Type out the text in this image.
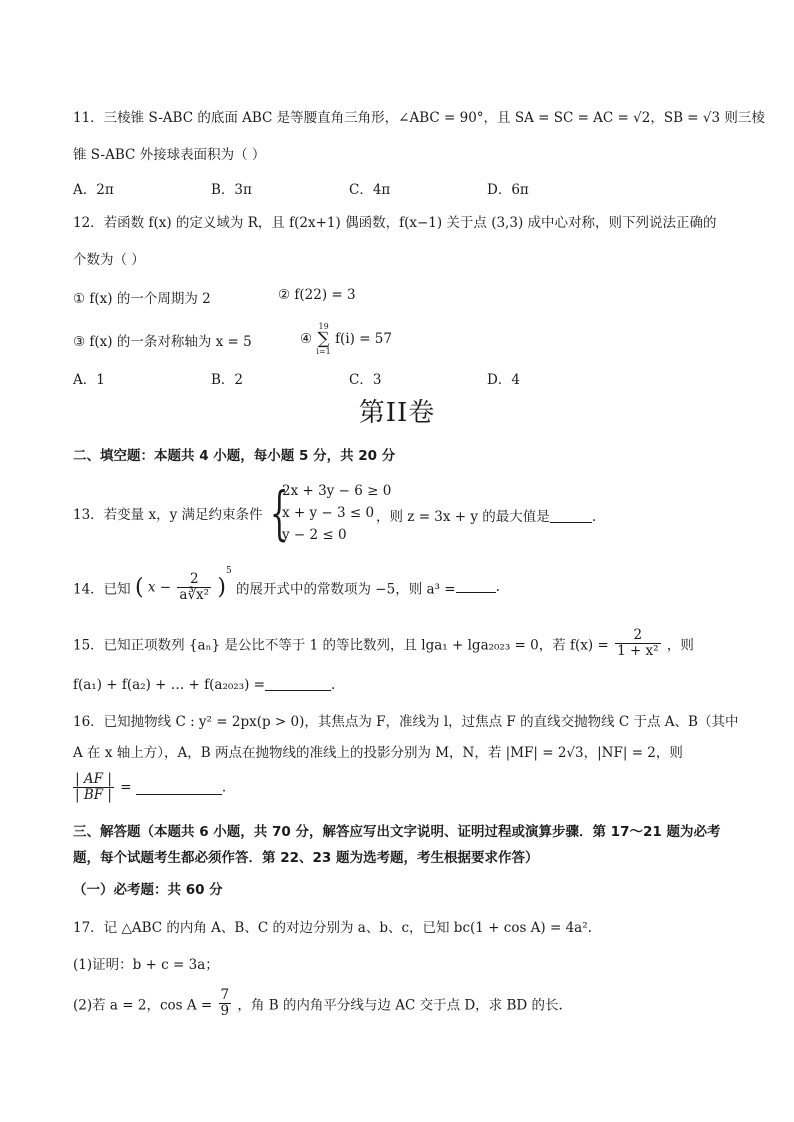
11．三棱锥 S-ABC 的底面 ABC 是等腰直角三角形，∠ABC = 90°，且 SA = SC = AC = √2，SB = √3 则三棱
锥 S-ABC 外接球表面积为（ ）
A．2π	B．3π	C．4π	D．6π
12．若函数 f(x) 的定义域为 R，且 f(2x+1) 偶函数，f(x−1) 关于点 (3,3) 成中心对称，则下列说法正确的
个数为（ ）
① f(x) 的一个周期为 2	② f(22) = 3
③ f(x) 的一条对称轴为 x = 5	④
19
∑
i=1
f(i) = 57
A．1	B．2	C．3	D．4
第II卷
二、填空题：本题共 4 小题，每小题 5 分，共 20 分
13．若变量 x，y 满足约束条件 {
2x + 3y − 6 ≥ 0
x + y − 3 ≤ 0
y − 2 ≤ 0
，则 z = 3x + y 的最大值是	.
14．已知 ( $x - \frac{2}{\text{a∛x²}} )^5$ 的展开式中的常数项为 −5，则 a³ =	.
15．已知正项数列 {aₙ} 是公比不等于 1 的等比数列，且 lga₁ + lga₂₀₂₃ = 0，若 $f(x) = \frac{2}{\text{1 + x²}}$ ，则
f(a₁) + f(a₂) + … + f(a₂₀₂₃) =	.
16．已知抛物线 C : y² = 2px(p > 0)，其焦点为 F，准线为 l，过焦点 F 的直线交抛物线 C 于点 A、B（其中
A 在 x 轴上方），A，B 两点在抛物线的准线上的投影分别为 M，N，若 |MF| = 2√3，|NF| = 2，则
$\frac{| AF |}{| BF |}$ =	.
三、解答题（本题共 6 小题，共 70 分，解答应写出文字说明、证明过程或演算步骤．第 17～21 题为必考
题，每个试题考生都必须作答．第 22、23 题为选考题，考生根据要求作答）
（一）必考题：共 60 分
17．记 △ABC 的内角 A、B、C 的对边分别为 a、b、c，已知 bc(1 + cos A) = 4a².
(1)证明：b + c = 3a；
(2)若 a = 2，$\cos A = \frac{7}{9}$ ，角 B 的内角平分线与边 AC 交于点 D，求 BD 的长.
